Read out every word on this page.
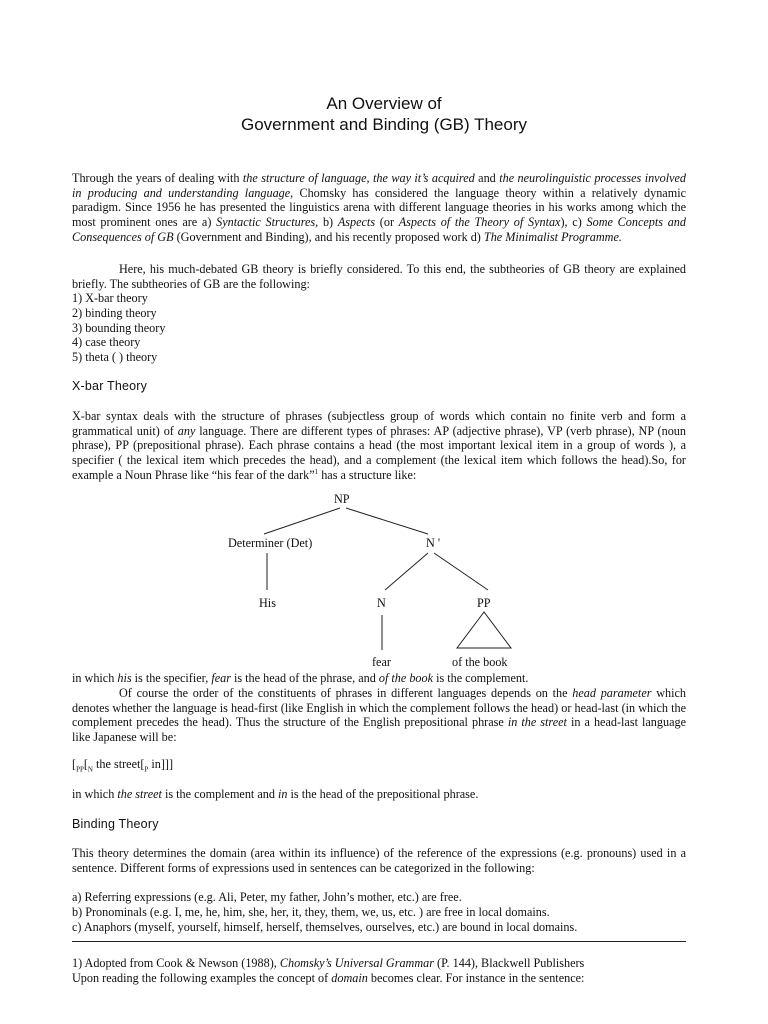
An Overview of
Government and Binding (GB) Theory

Through the years of dealing with the structure of language, the way it’s acquired and the neurolinguistic processes involved in producing and understanding language, Chomsky has considered the language theory within a relatively dynamic paradigm. Since 1956 he has presented the linguistics arena with different language theories in his works among which the most prominent ones are a) Syntactic Structures, b) Aspects (or Aspects of the Theory of Syntax), c) Some Concepts and Consequences of GB (Government and Binding), and his recently proposed work d) The Minimalist Programme.

Here, his much-debated GB theory is briefly considered. To this end, the subtheories of GB theory are explained briefly. The subtheories of GB are the following:

1) X-bar theory
2) binding theory
3) bounding theory
4) case theory
5) theta ( ) theory
X-bar Theory

X-bar syntax deals with the structure of phrases (subjectless group of words which contain no finite verb and form a grammatical unit) of any language. There are different types of phrases: AP (adjective phrase), VP (verb phrase), NP (noun phrase), PP (prepositional phrase). Each phrase contains a head (the most important lexical item in a group of words ), a specifier ( the lexical item which precedes the head), and a complement (the lexical item which follows the head).So, for example a Noun Phrase like “his fear of the dark”$^1$ has a structure like:

NP
Determiner (Det)	N '
His	N	PP
fear	of the book
in which his is the specifier, fear is the head of the phrase, and of the book is the complement.

Of course the order of the constituents of phrases in different languages depends on the head parameter which denotes whether the language is head-first (like English in which the complement follows the head) or head-last (in which the complement precedes the head). Thus the structure of the English prepositional phrase in the street in a head-last language like Japanese will be:

[$_{PP}[_N$ the $street[_P$ in]]]
in which the street is the complement and in is the head of the prepositional phrase.
Binding Theory

This theory determines the domain (area within its influence) of the reference of the expressions (e.g. pronouns) used in a sentence. Different forms of expressions used in sentences can be categorized in the following:

a) Referring expressions (e.g. Ali, Peter, my father, John’s mother, etc.) are free.
b) Pronominals (e.g. I, me, he, him, she, her, it, they, them, we, us, etc. ) are free in local domains.
c) Anaphors (myself, yourself, himself, herself, themselves, ourselves, etc.) are bound in local domains.
1) Adopted from Cook & Newson (1988), Chomsky’s Universal Grammar (P. 144), Blackwell Publishers
Upon reading the following examples the concept of domain becomes clear. For instance in the sentence:
